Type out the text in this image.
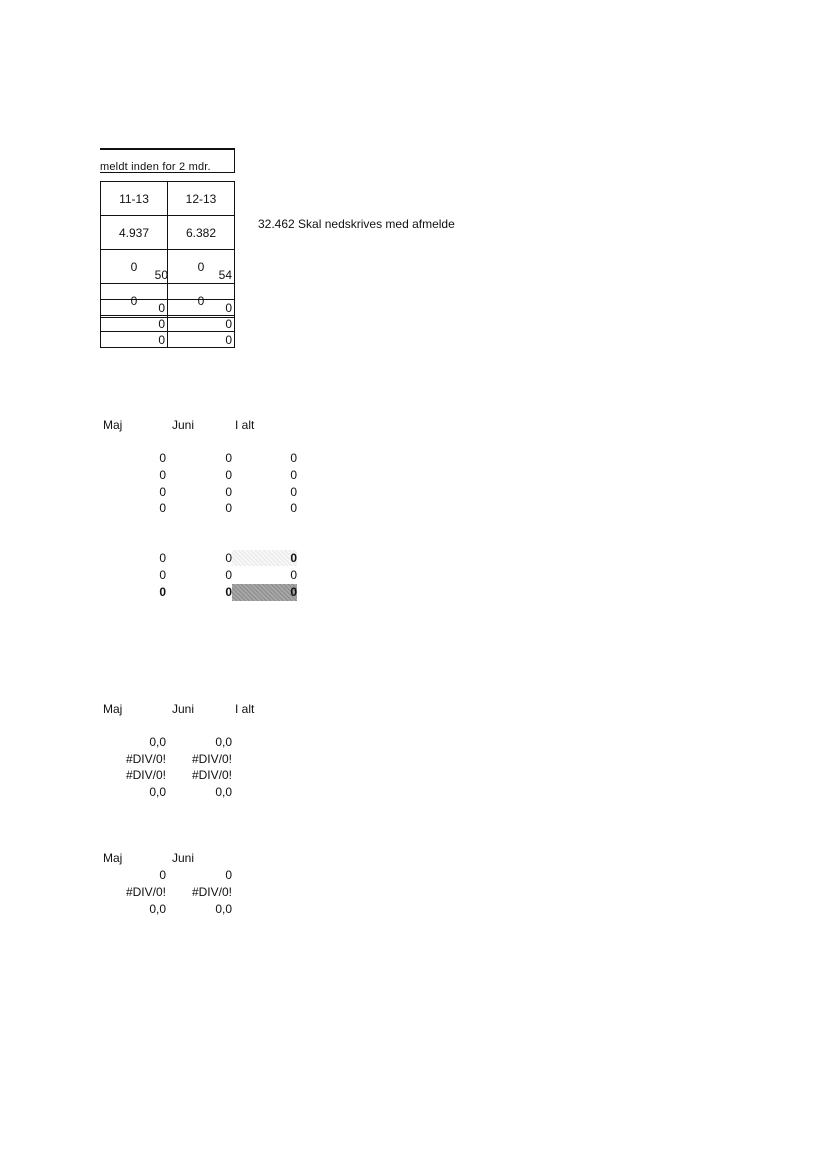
meldt inden for 2 mdr.
11-13	12-13
4.937	6.382
0	0
0	0
50	54
32.462 Skal nedskrives med afmelde
0	0
0	0
0	0
Maj	Juni	I alt
0	0	0
0	0	0
0	0	0
0	0	0
0	0	0
0	0	0
0	0	0
Maj	Juni	I alt
0,0	0,0
#DIV/0!	#DIV/0!
#DIV/0!	#DIV/0!
0,0	0,0
Maj	Juni
0	0
#DIV/0!	#DIV/0!
0,0	0,0
